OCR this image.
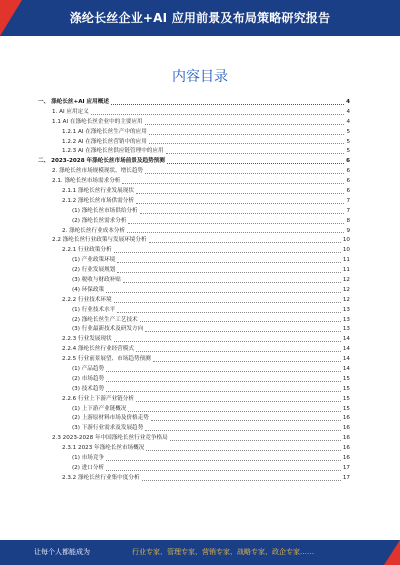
涤纶长丝企业+AI 应用前景及布局策略研究报告
内容目录
一、 涤纶长丝+AI 应用概述	4
1. AI 应用定义	4
1.1 AI 在涤纶长丝企业中的主要应用	4
1.2.1 AI 在涤纶长丝生产中的应用	5
1.2.2 AI 在涤纶长丝营销中的应用	5
1.2.3 AI 在涤纶长丝供应链管理中的应用	5
二、 2023-2028 年涤纶长丝市场前景及趋势预测	6
2. 涤纶长丝市场规模现状、增长趋势	6
2.1. 涤纶长丝市场需求分析	6
2.1.1 涤纶长丝行业发展现状	6
2.1.2 涤纶长丝市场供需分析	7
(1) 涤纶长丝市场供给分析	7
(2) 涤纶长丝需求分析	8
2. 涤纶长丝行业成本分析	9
2.2 涤纶长丝行业政策与发展环境分析	10
2.2.1 行业政策分析	10
(1) 产业政策环境	11
(2) 行业发展规划	11
(3) 税收与财政补贴	12
(4) 环保政策	12
2.2.2 行业技术环境	12
(1) 行业技术水平	13
(2) 涤纶长丝生产工艺技术	13
(3) 行业最新技术及研发方向	13
2.2.3 行业发展现状	14
2.2.4 涤纶长丝行业经营模式	14
2.2.5 行业前景展望、市场趋势预测	14
(1) 产品趋势	14
(2) 市场趋势	15
(3) 技术趋势	15
2.2.6 行业上下游产业链分析	15
(1) 上下游产业链概况	15
(2) 上游原材料市场及价格走势	16
(3) 下游行业需求及发展趋势	16
2.3 2023-2028 年中国涤纶长丝行业竞争格局	16
2.3.1 2023 年涤纶长丝市场概况	16
(1) 市场竞争	16
(2) 进口分析	17
2.3.2 涤纶长丝行业集中度分析	17
让每个人都能成为	行业专家、管理专家、营销专家、战略专家、政企专家……
